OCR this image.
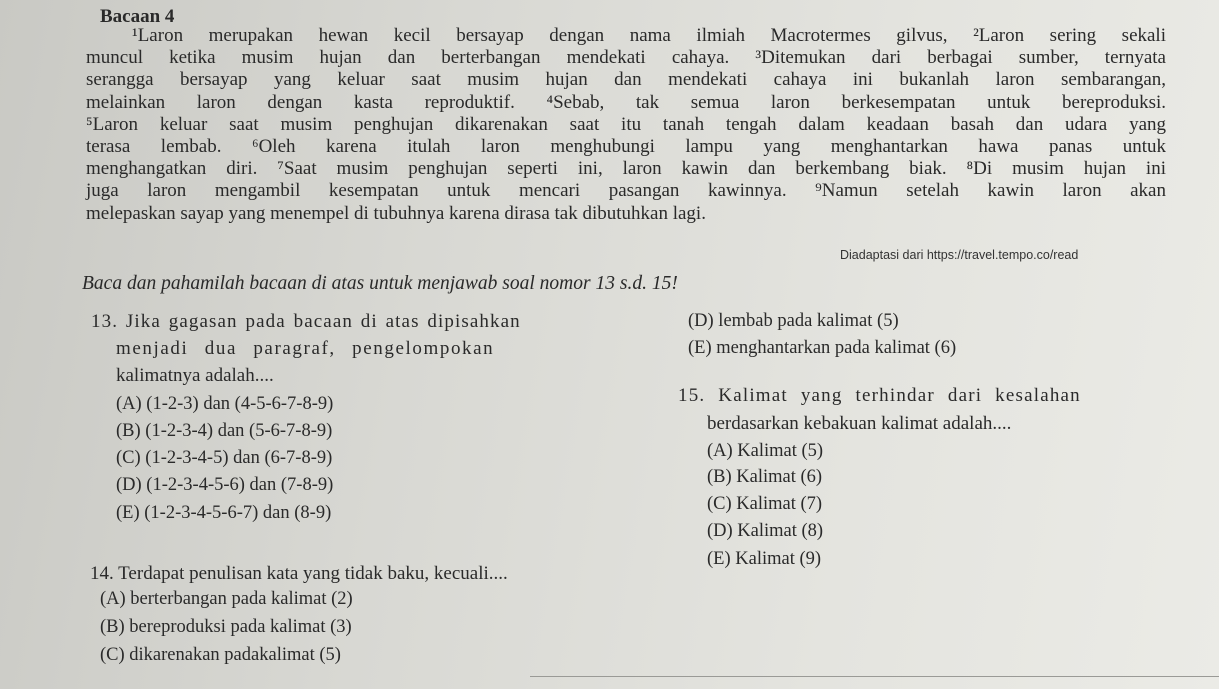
Bacaan 4
¹Laron merupakan hewan kecil bersayap dengan nama ilmiah Macrotermes gilvus, ²Laron sering sekali
muncul ketika musim hujan dan berterbangan mendekati cahaya. ³Ditemukan dari berbagai sumber, ternyata
serangga bersayap yang keluar saat musim hujan dan mendekati cahaya ini bukanlah laron sembarangan,
melainkan laron dengan kasta reproduktif. ⁴Sebab, tak semua laron berkesempatan untuk bereproduksi.
⁵Laron keluar saat musim penghujan dikarenakan saat itu tanah tengah dalam keadaan basah dan udara yang
terasa lembab. ⁶Oleh karena itulah laron menghubungi lampu yang menghantarkan hawa panas untuk
menghangatkan diri. ⁷Saat musim penghujan seperti ini, laron kawin dan berkembang biak. ⁸Di musim hujan ini
juga laron mengambil kesempatan untuk mencari pasangan kawinnya. ⁹Namun setelah kawin laron akan
melepaskan sayap yang menempel di tubuhnya karena dirasa tak dibutuhkan lagi.
Diadaptasi dari https://travel.tempo.co/read
Baca dan pahamilah bacaan di atas untuk menjawab soal nomor 13 s.d. 15!
13. Jika gagasan pada bacaan di atas dipisahkan
menjadi dua paragraf, pengelompokan
kalimatnya adalah....
(A) (1-2-3) dan (4-5-6-7-8-9)
(B) (1-2-3-4) dan (5-6-7-8-9)
(C) (1-2-3-4-5) dan (6-7-8-9)
(D) (1-2-3-4-5-6) dan (7-8-9)
(E) (1-2-3-4-5-6-7) dan (8-9)
14. Terdapat penulisan kata yang tidak baku, kecuali....
(A) berterbangan pada kalimat (2)
(B) bereproduksi pada kalimat (3)
(C) dikarenakan padakalimat (5)
(D) lembab pada kalimat (5)
(E) menghantarkan pada kalimat (6)
15. Kalimat yang terhindar dari kesalahan
berdasarkan kebakuan kalimat adalah....
(A) Kalimat (5)
(B) Kalimat (6)
(C) Kalimat (7)
(D) Kalimat (8)
(E) Kalimat (9)
